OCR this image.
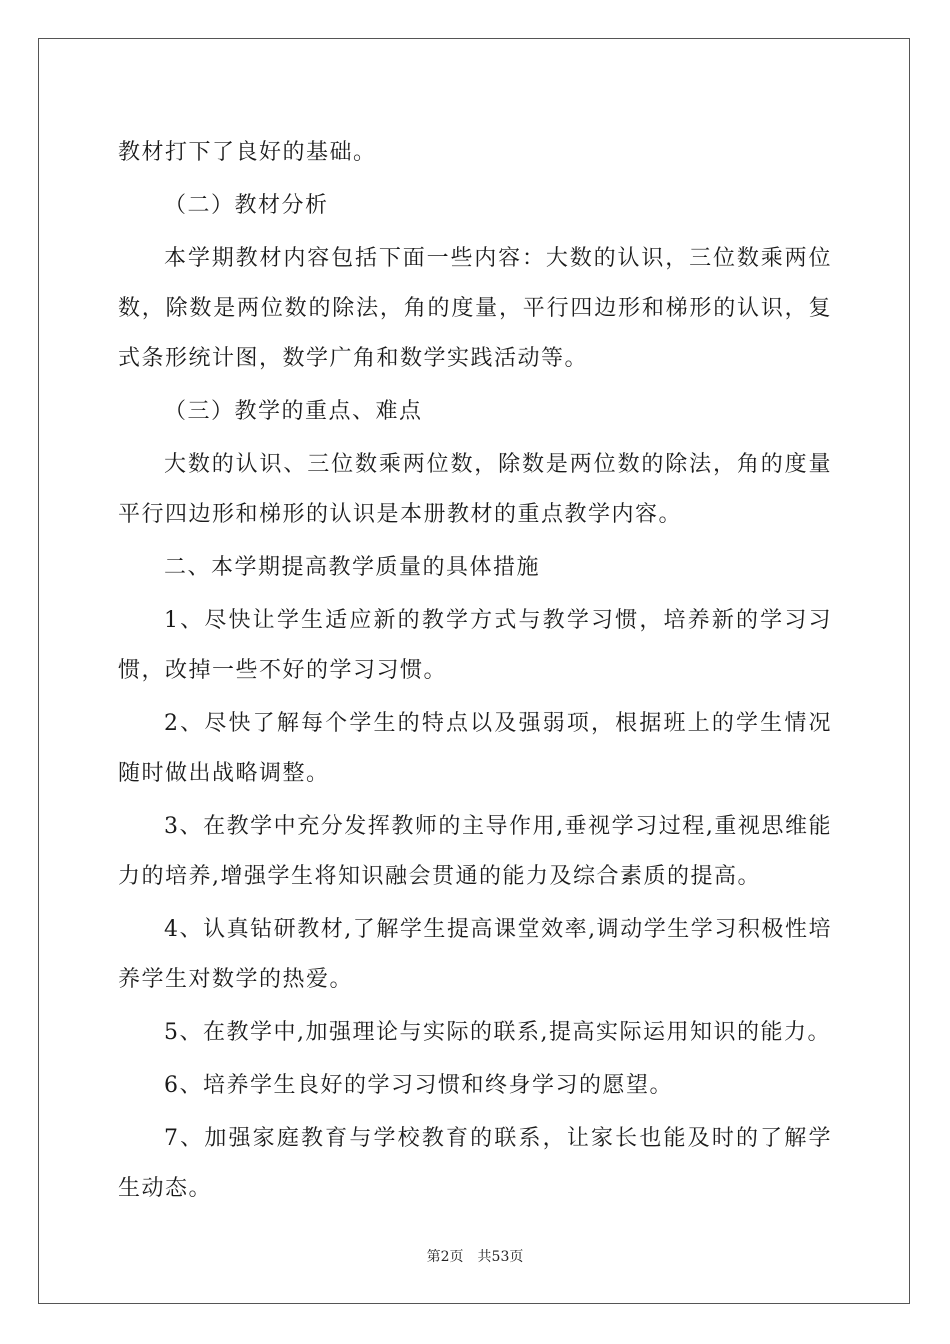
教材打下了良好的基础。

（二）教材分析

本学期教材内容包括下面一些内容：大数的认识，三位数乘两位数，除数是两位数的除法，角的度量，平行四边形和梯形的认识，复式条形统计图，数学广角和数学实践活动等。

（三）教学的重点、难点

大数的认识、三位数乘两位数，除数是两位数的除法，角的度量平行四边形和梯形的认识是本册教材的重点教学内容。

二、本学期提高教学质量的具体措施

1、尽快让学生适应新的教学方式与教学习惯，培养新的学习习惯，改掉一些不好的学习习惯。

2、尽快了解每个学生的特点以及强弱项，根据班上的学生情况随时做出战略调整。

3、在教学中充分发挥教师的主导作用,垂视学习过程,重视思维能力的培养,增强学生将知识融会贯通的能力及综合素质的提高。

4、认真钻研教材,了解学生提高课堂效率,调动学生学习积极性培养学生对数学的热爱。

5、在教学中,加强理论与实际的联系,提高实际运用知识的能力。

6、培养学生良好的学习习惯和终身学习的愿望。

7、加强家庭教育与学校教育的联系，让家长也能及时的了解学生动态。

第2页 共53页
